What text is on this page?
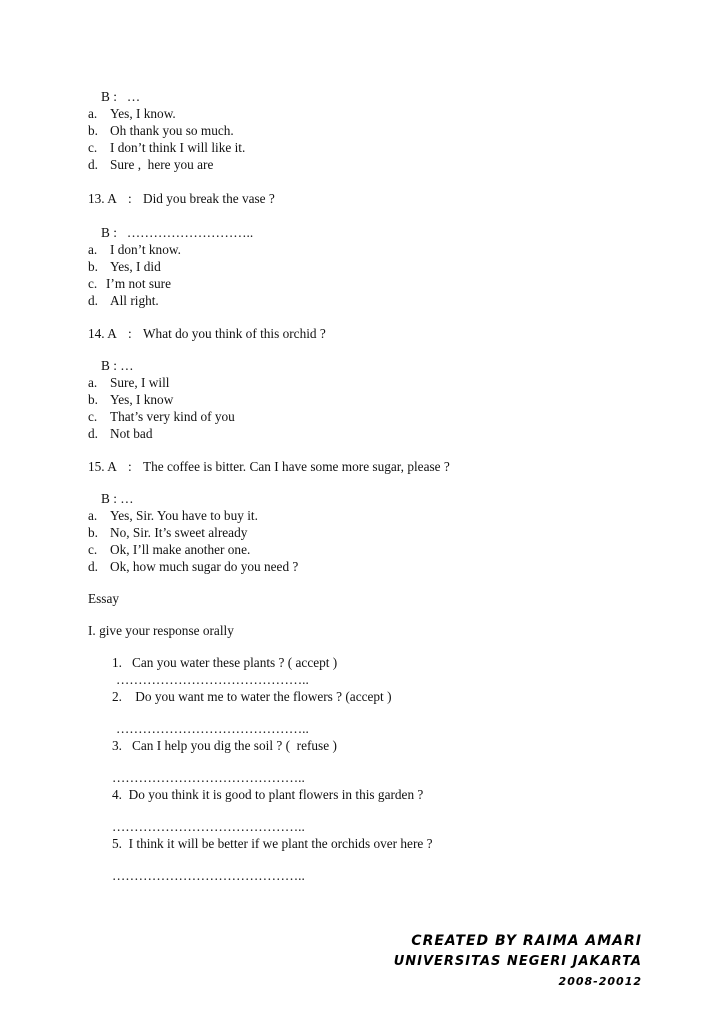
B :   …
a. Yes, I know.
b. Oh thank you so much.
c. I don’t think I will like it.
d. Sure ,  here you are
13. A : Did you break the vase ?
B :   ………………………..
a. I don’t know.
b. Yes, I did
c. I’m not sure
d. All right.
14. A : What do you think of this orchid ?
B : …
a. Sure, I will
b. Yes, I know
c. That’s very kind of you
d. Not bad
15. A : The coffee is bitter. Can I have some more sugar, please ?
B : …
a. Yes, Sir. You have to buy it.
b. No, Sir. It’s sweet already
c. Ok, I’ll make another one.
d. Ok, how much sugar do you need ?
Essay
I. give your response orally
1.   Can you water these plants ? ( accept )
……………………………………..
2.    Do you want me to water the flowers ? (accept )
……………………………………..
3.   Can I help you dig the soil ? (  refuse )
……………………………………..
4.  Do you think it is good to plant flowers in this garden ?
……………………………………..
5.  I think it will be better if we plant the orchids over here ?
……………………………………..
CREATED BY RAIMA AMARI
UNIVERSITAS NEGERI JAKARTA
2008-20012
